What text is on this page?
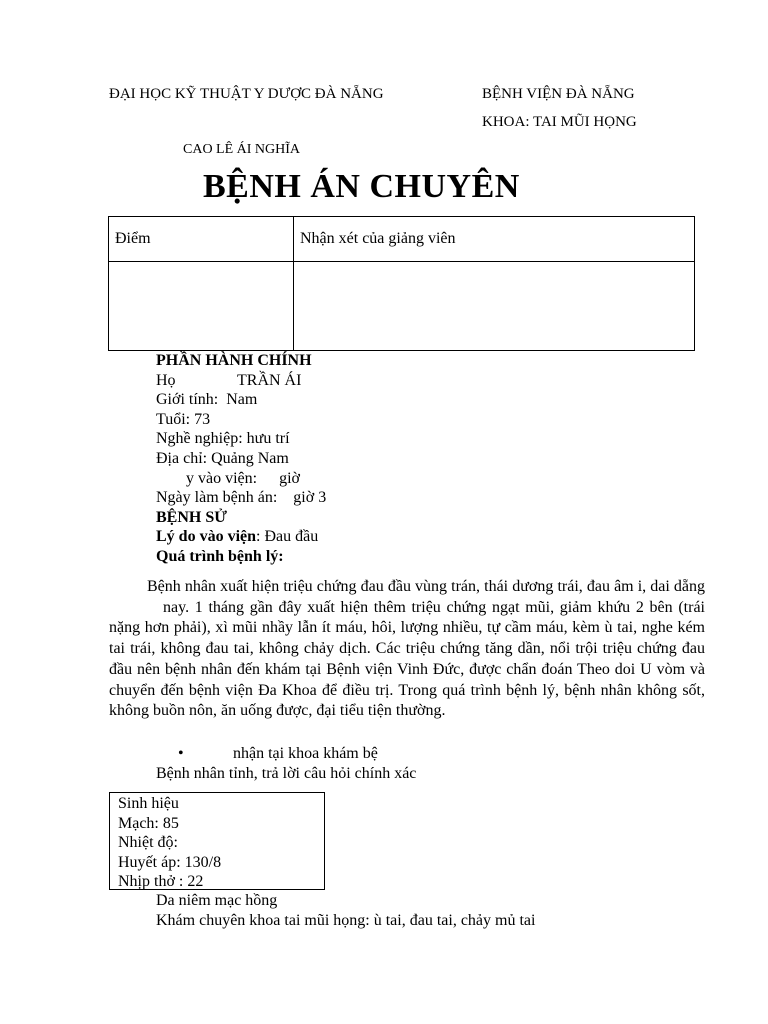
ĐẠI HỌC KỸ THUẬT Y DƯỢC ĐÀ NẴNG	BỆNH VIỆN ĐÀ NẴNG
KHOA: TAI MŨI HỌNG
CAO LÊ ÁI NGHĨA
BỆNH ÁN CHUYÊN
Điểm	Nhận xét của giảng viên

PHẦN HÀNH CHÍNH
Họ	TRẦN ÁI
Giới tính: Nam
Tuổi: 73
Nghề nghiệp: hưu trí
Địa chỉ: Quảng Nam
y vào viện: giờ
Ngày làm bệnh án: giờ 3
BỆNH SỬ
Lý do vào viện: Đau đầu
Quá trình bệnh lý:
Bệnh nhân xuất hiện triệu chứng đau đầu vùng trán, thái dương trái, đau âm i, dai dẵngnay. 1 tháng gần đây xuất hiện thêm triệu chứng ngạt mũi, giảm khứu 2 bên (trái nặng hơn phải), xì mũi nhầy lẫn ít máu, hôi, lượng nhiều, tự cầm máu, kèm ù tai, nghe kém tai trái, không đau tai, không chảy dịch. Các triệu chứng tăng dần, nổi trội triệu chứng đau đầu nên bệnh nhân đến khám tại Bệnh viện Vinh Đức, được chẩn đoán Theo doi U vòm và chuyển đến bệnh viện Đa Khoa để điều trị. Trong quá trình bệnh lý, bệnh nhân không sốt, không buồn nôn, ăn uống được, đại tiểu tiện thường.
•	nhận tại khoa khám bệ
Bệnh nhân tỉnh, trả lời câu hỏi chính xác
Sinh hiệu
Mạch: 85
Nhiệt độ:
Huyết áp: 130/8
Nhịp thở : 22
Da niêm mạc hồng
Khám chuyên khoa tai mũi họng: ù tai, đau tai, chảy mủ tai
